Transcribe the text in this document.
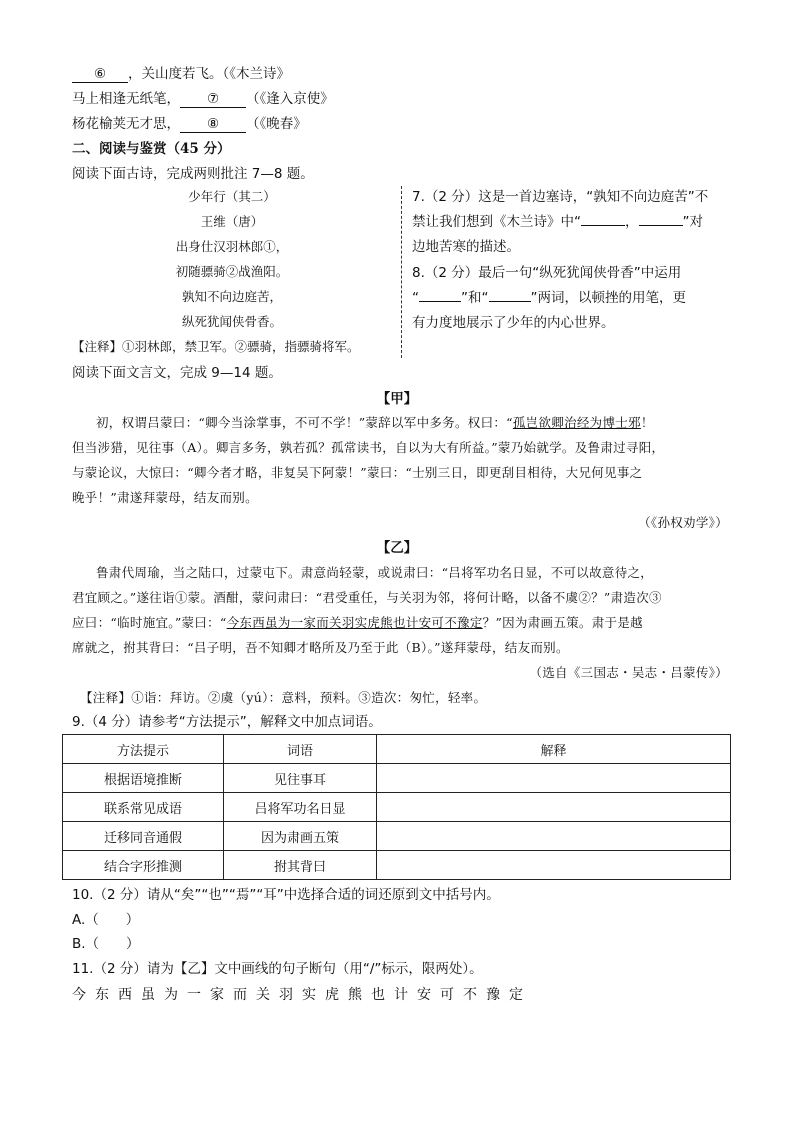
⑥ ，关山度若飞。（《木兰诗》
马上相逢无纸笔， ⑦ （《逢入京使》
杨花榆荚无才思， ⑧ （《晚春》
二、阅读与鉴赏（45 分）
阅读下面古诗，完成两则批注 7—8 题。
少年行（其二）
王维（唐）
出身仕汉羽林郎①，
初随骠骑②战渔阳。
孰知不向边庭苦，
纵死犹闻侠骨香。
【注释】①羽林郎，禁卫军。②骠骑，指骠骑将军。
7.（2 分）这是一首边塞诗，“孰知不向边庭苦”不
禁让我们想到《木兰诗》中“	，	”对
边地苦寒的描述。
8.（2 分）最后一句“纵死犹闻侠骨香”中运用
“	”和“	”两词，以顿挫的用笔，更
有力度地展示了少年的内心世界。
阅读下面文言文，完成 9—14 题。
【甲】
初，权谓吕蒙曰：“卿今当涂掌事，不可不学！”蒙辞以军中多务。权曰：“孤岂欲卿治经为博士邪！
但当涉猎，见往事（A）。卿言多务，孰若孤？孤常读书，自以为大有所益。”蒙乃始就学。及鲁肃过寻阳，
与蒙论议，大惊曰：“卿今者才略，非复吴下阿蒙！”蒙曰：“士别三日，即更刮目相待，大兄何见事之
晚乎！”肃遂拜蒙母，结友而别。
（《孙权劝学》）
【乙】
鲁肃代周瑜，当之陆口，过蒙屯下。肃意尚轻蒙，或说肃曰：“吕将军功名日显，不可以故意待之，
君宜顾之。”遂往诣①蒙。酒酣，蒙问肃曰：“君受重任，与关羽为邻，将何计略，以备不虞②？”肃造次③
应曰：“临时施宜。”蒙曰：“今东西虽为一家而关羽实虎熊也计安可不豫定？”因为肃画五策。肃于是越
席就之，拊其背曰：“吕子明，吾不知卿才略所及乃至于此（B）。”遂拜蒙母，结友而别。
（选自《三国志・吴志・吕蒙传》）
【注释】①诣：拜访。②虞（yú）：意料，预料。③造次：匆忙，轻率。
9.（4 分）请参考“方法提示”，解释文中加点词语。
方法提示	词语	解释
根据语境推断	见往事耳	
联系常见成语	吕将军功名日显	
迁移同音通假	因为肃画五策	
结合字形推测	拊其背曰	
10.（2 分）请从“矣”“也”“焉”“耳”中选择合适的词还原到文中括号内。
A.（　　）
B.（　　）
11.（2 分）请为【乙】文中画线的句子断句（用“/”标示，限两处）。
今东西虽为一家而关羽实虎熊也计安可不豫定
